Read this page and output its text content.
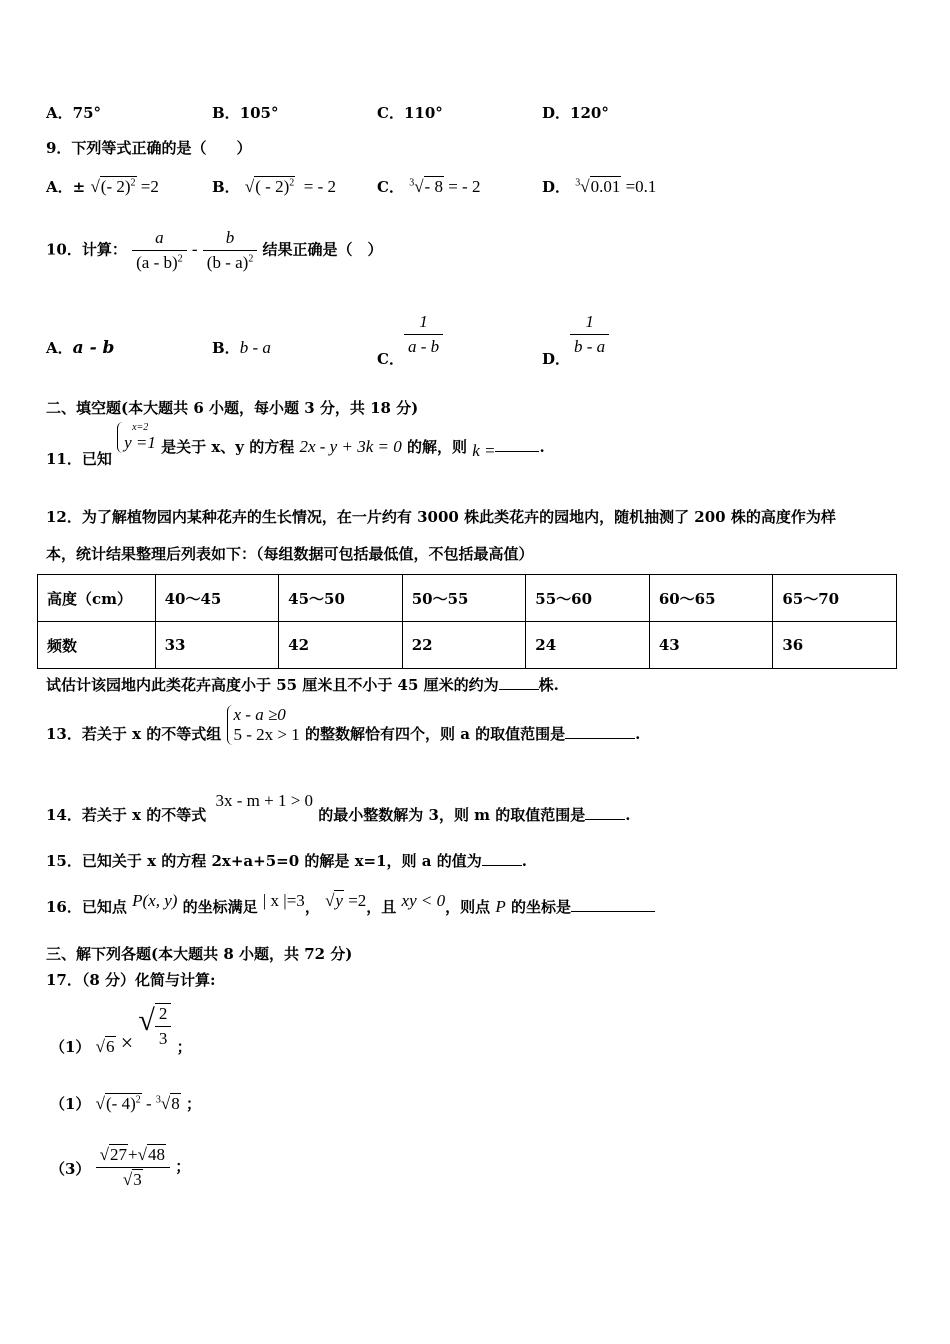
A．75°	B．105°	C．110°	D．120°
9．下列等式正确的是（　　）
A．± √(- 2)$^2$ =2	B． √( - 2)$^2$ = - 2	C． $^3$√- 8 = - 2	D． $^3$√0.01 =0.1
10．计算： $\frac{a}{(a - b)^2} - \frac{b}{(b - a)^2}$ 结果正确是（　）
A．a - b	B．b - a
C．
$\frac{1}{a - b}$
D．
$\frac{1}{b - a}$
二、填空题(本大题共 6 小题，每小题 3 分，共 18 分)
11．已知
x=2
y =1 是关于 x、y 的方程 2x - y + 3k = 0 的解，则 k =	.
12．为了解植物园内某种花卉的生长情况，在一片约有 3000 株此类花卉的园地内，随机抽测了 200 株的高度作为样
本，统计结果整理后列表如下：（每组数据可包括最低值，不包括最高值）
高度（cm）	40～45	45～50	50～55	55～60	60～65	65～70
频数	33	42	22	24	43	36
试估计该园地内此类花卉高度小于 55 厘米且不小于 45 厘米的约为	株.
13．若关于 x 的不等式组
x - a ≥0
5 - 2x > 1 的整数解恰有四个，则 a 的取值范围是	.
14．若关于 x 的不等式 3x - m + 1 > 0 的最小整数解为 3，则 m 的取值范围是	.
15．已知关于 x 的方程 2x+a+5=0 的解是 x=1，则 a 的值为	.
16．已知点 P(x, y) 的坐标满足 | x |=3， √y =2，且 xy < 0，则点 P 的坐标是
三、解下列各题(本大题共 8 小题，共 72 分)
17．（8 分）化简与计算:
（1） √6 × √ $\frac{2}{3}$ ；
（1） √(- 4)$^2$ - $^3$√8 ；
$(3) \frac{√27+√48}{√3}$ ；
